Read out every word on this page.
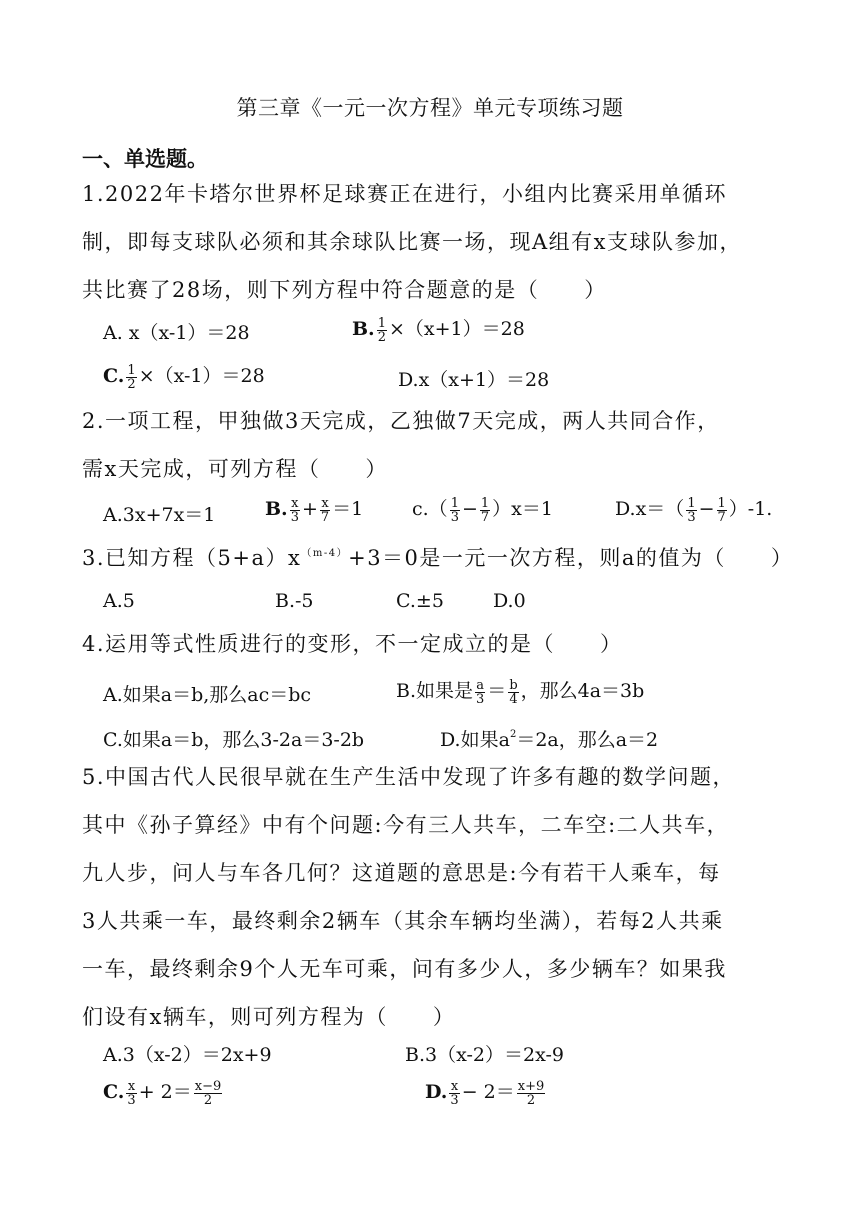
第三章《一元一次方程》单元专项练习题
一、单选题。
1.2022年卡塔尔世界杯足球赛正在进行，小组内比赛采用单循环
制，即每支球队必须和其余球队比赛一场，现A组有x支球队参加，
共比赛了28场，则下列方程中符合题意的是（　　）
A. x（x-1）＝28	B. $\frac{1}{2} \times(x+1)=28$
C. $\frac{1}{2} \times(x-1)=28$	D.x（x+1）＝28
2.一项工程，甲独做3天完成，乙独做7天完成，两人共同合作，
需x天完成，可列方程（　　）
A.3x+7x＝1	B. $\frac{x}{3} + \frac{x}{7} =1$	$c.( \frac{1}{3} - \frac{1}{7} )x=1$	$D.x=( \frac{1}{3} - \frac{1}{7} )-1$.
3.已知方程$(5+a)x^{(m-4)}+3=0$是一元一次方程，则a的值为（　　）
A.5	B.-5	C.±5	D.0
4.运用等式性质进行的变形，不一定成立的是（　　）
A.如果a＝b,那么ac＝bc	B.如果是 $\frac{a}{3} = \frac{b}{4}$ ，那么4a＝3b
C.如果a＝b，那么3-2a＝3-2b	D.如果$a^2=2a$，那么a＝2
5.中国古代人民很早就在生产生活中发现了许多有趣的数学问题，
其中《孙子算经》中有个问题:今有三人共车，二车空:二人共车，
九人步，问人与车各几何？这道题的意思是:今有若干人乘车，每
3人共乘一车，最终剩余2辆车（其余车辆均坐满），若每2人共乘
一车，最终剩余9个人无车可乘，问有多少人，多少辆车？如果我
们设有x辆车，则可列方程为（　　）
A.3（x-2）＝2x+9	B.3（x-2）＝2x-9
C. $\frac{x}{3} + 2= \frac{x-9}{2}$	D. $\frac{x}{3} - 2= \frac{x+9}{2}$
